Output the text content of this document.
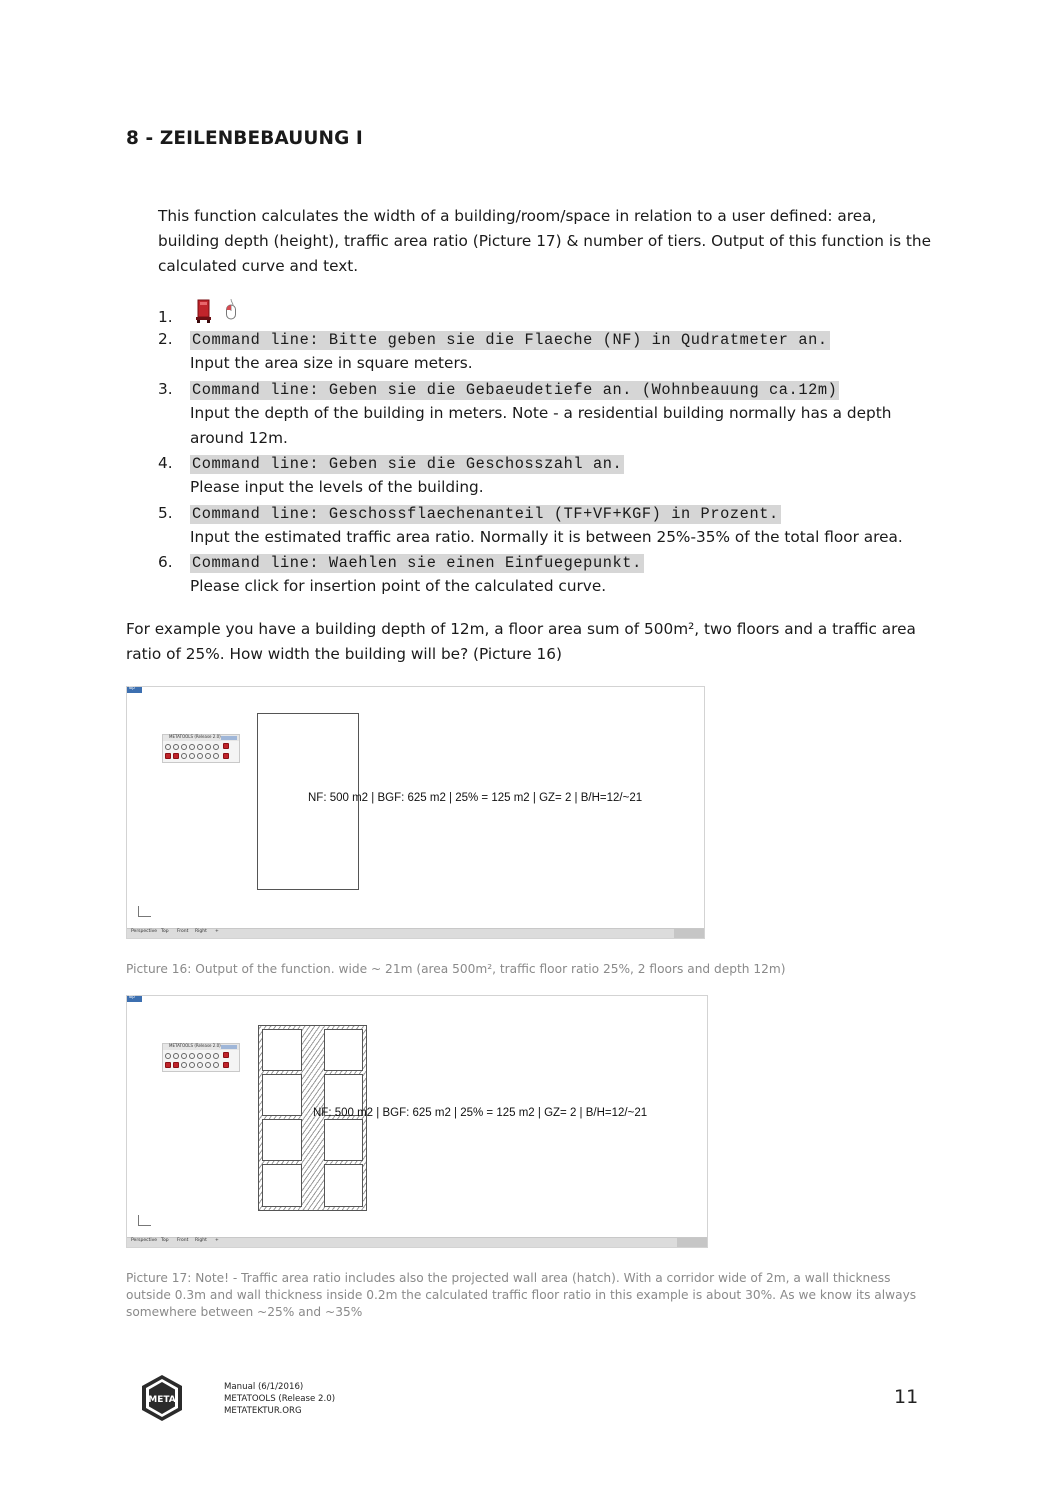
8 - ZEILENBEBAUUNG I
This function calculates the width of a building/room/space in relation to a user defined: area, building depth (height), traffic area ratio (Picture 17) & number of tiers. Output of this function is the calculated curve and text.
1.
2. Command line: Bitte geben sie die Flaeche (NF) in Qudratmeter an.
Input the area size in square meters.
3. Command line: Geben sie die Gebaeudetiefe an. (Wohnbeauung ca.12m)
Input the depth of the building in meters. Note - a residential building normally has a depth around 12m.
4. Command line: Geben sie die Geschosszahl an.
Please input the levels of the building.
5. Command line: Geschossflaechenanteil (TF+VF+KGF) in Prozent.
Input the estimated traffic area ratio. Normally it is between 25%-35% of the total floor area.
6. Command line: Waehlen sie einen Einfuegepunkt.
Please click for insertion point of the calculated curve.
For example you have a building depth of 12m, a floor area sum of 500m², two floors and a traffic area ratio of 25%. How width the building will be? (Picture 16)
Top
METATOOLS (Release 2.0)
NF: 500 m2 | BGF: 625 m2 | 25% = 125 m2 | GZ= 2 | B/H=12/~21
Perspective Top Front Right +
Picture 16: Output of the function. wide ~ 21m (area 500m², traffic floor ratio 25%, 2 floors and depth 12m)
Top
METATOOLS (Release 2.0)
NF: 500 m2 | BGF: 625 m2 | 25% = 125 m2 | GZ= 2 | B/H=12/~21
Perspective Top Front Right +
Picture 17: Note! - Traffic area ratio includes also the projected wall area (hatch). With a corridor wide of 2m, a wall thickness outside 0.3m and wall thickness inside 0.2m the calculated traffic floor ratio in this example is about 30%. As we know its always somewhere between ~25% and ~35%
META
Manual (6/1/2016)
METATOOLS (Release 2.0)
METATEKTUR.ORG
11
